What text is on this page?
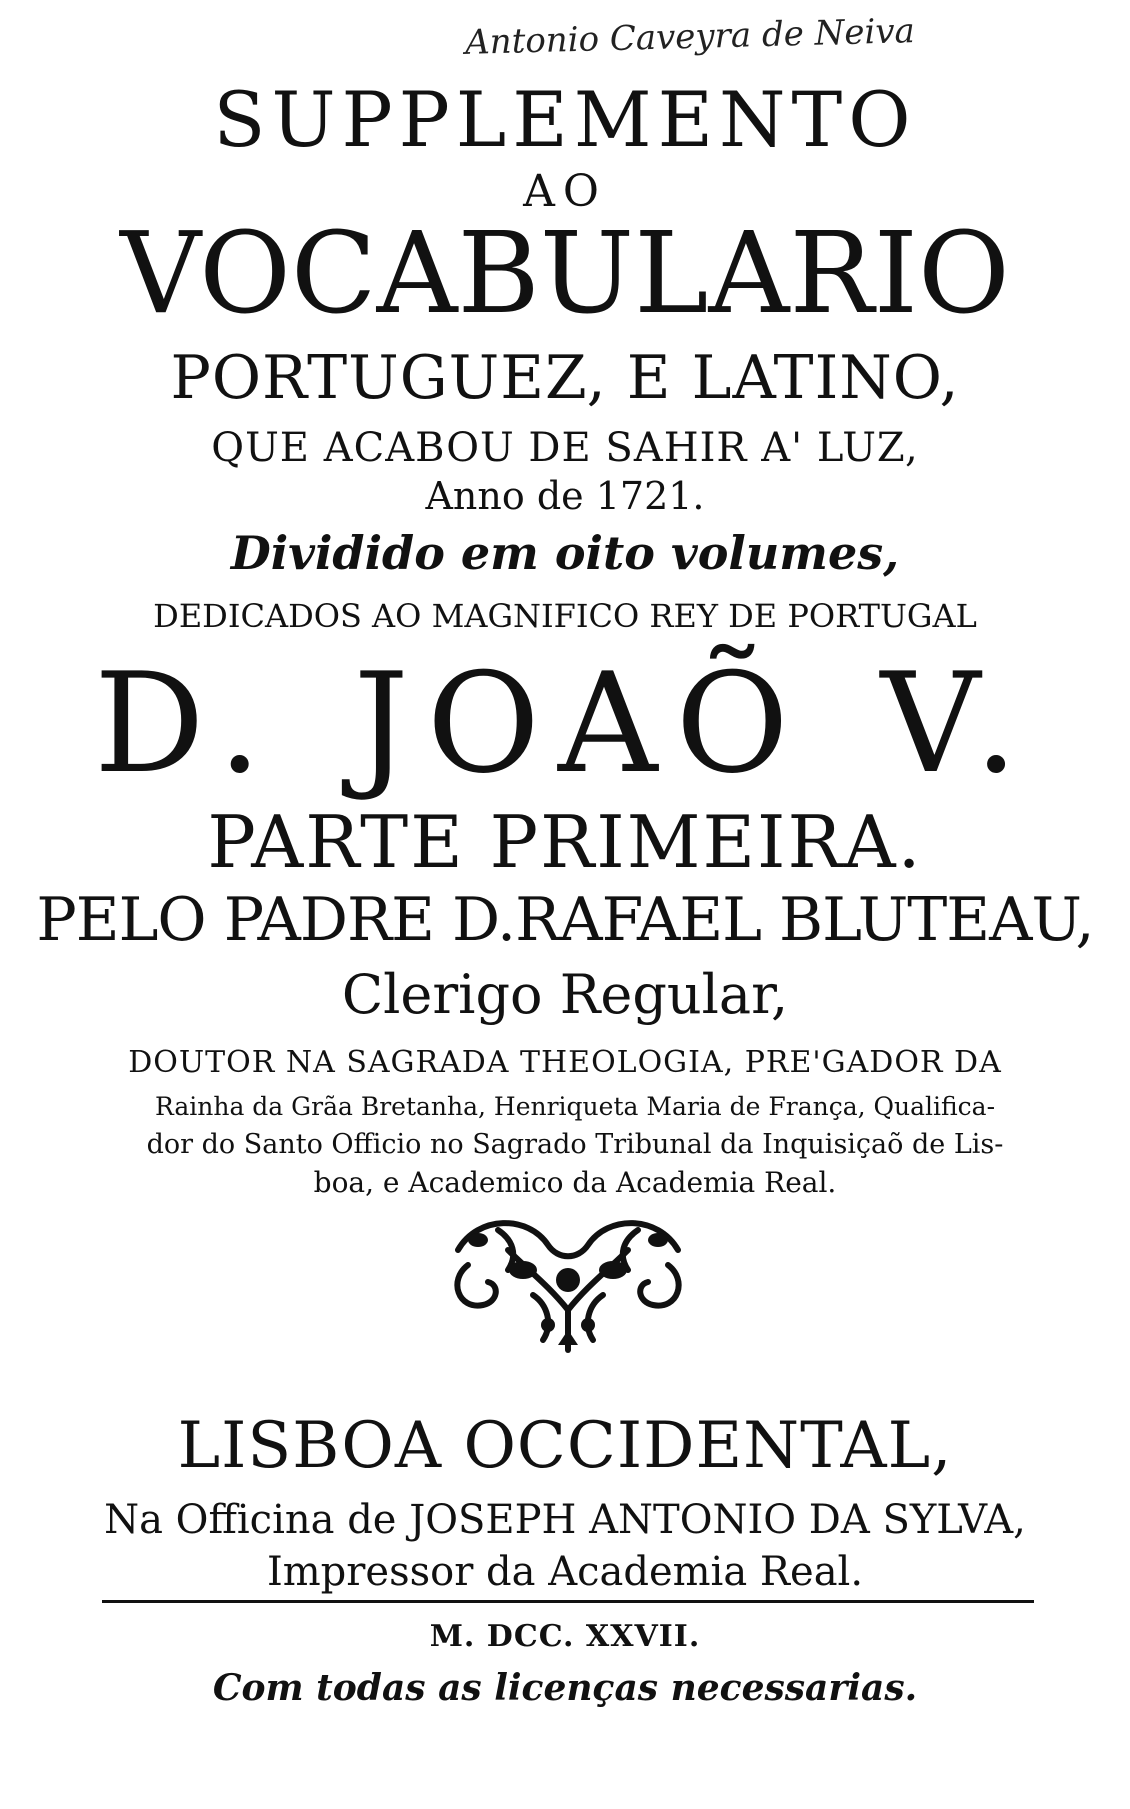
Antonio Caveyra de Neiva
SUPPLEMENTO
AO
VOCABULARIO
PORTUGUEZ, E LATINO,
QUE ACABOU DE SAHIR A' LUZ,
Anno de 1721.
Dividido em oito volumes,
DEDICADOS AO MAGNIFICO REY DE PORTUGAL
D. JOAÕ V.
PARTE PRIMEIRA.
PELO PADRE D.RAFAEL BLUTEAU,
Clerigo Regular,
DOUTOR NA SAGRADA THEOLOGIA, PRE'GADOR DA
Rainha da Grãa Bretanha, Henriqueta Maria de França, Qualifica-
dor do Santo Officio no Sagrado Tribunal da Inquisiçaõ de Lis-
boa, e Academico da Academia Real.
LISBOA OCCIDENTAL,
Na Officina de JOSEPH ANTONIO DA SYLVA,
Impressor da Academia Real.
M. DCC. XXVII.
Com todas as licenças necessarias.
